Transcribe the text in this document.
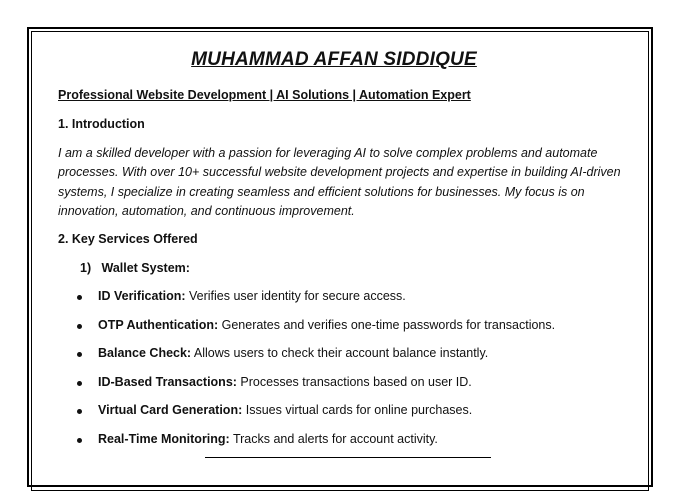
MUHAMMAD AFFAN SIDDIQUE

Professional Website Development | AI Solutions | Automation Expert

1. Introduction

I am a skilled developer with a passion for leveraging AI to solve complex problems and automate processes. With over 10+ successful website development projects and expertise in building AI-driven systems, I specialize in creating seamless and efficient solutions for businesses. My focus is on innovation, automation, and continuous improvement.

2. Key Services Offered

1) Wallet System:

ID Verification: Verifies user identity for secure access.
OTP Authentication: Generates and verifies one-time passwords for transactions.
Balance Check: Allows users to check their account balance instantly.
ID-Based Transactions: Processes transactions based on user ID.
Virtual Card Generation: Issues virtual cards for online purchases.
Real-Time Monitoring: Tracks and alerts for account activity.
